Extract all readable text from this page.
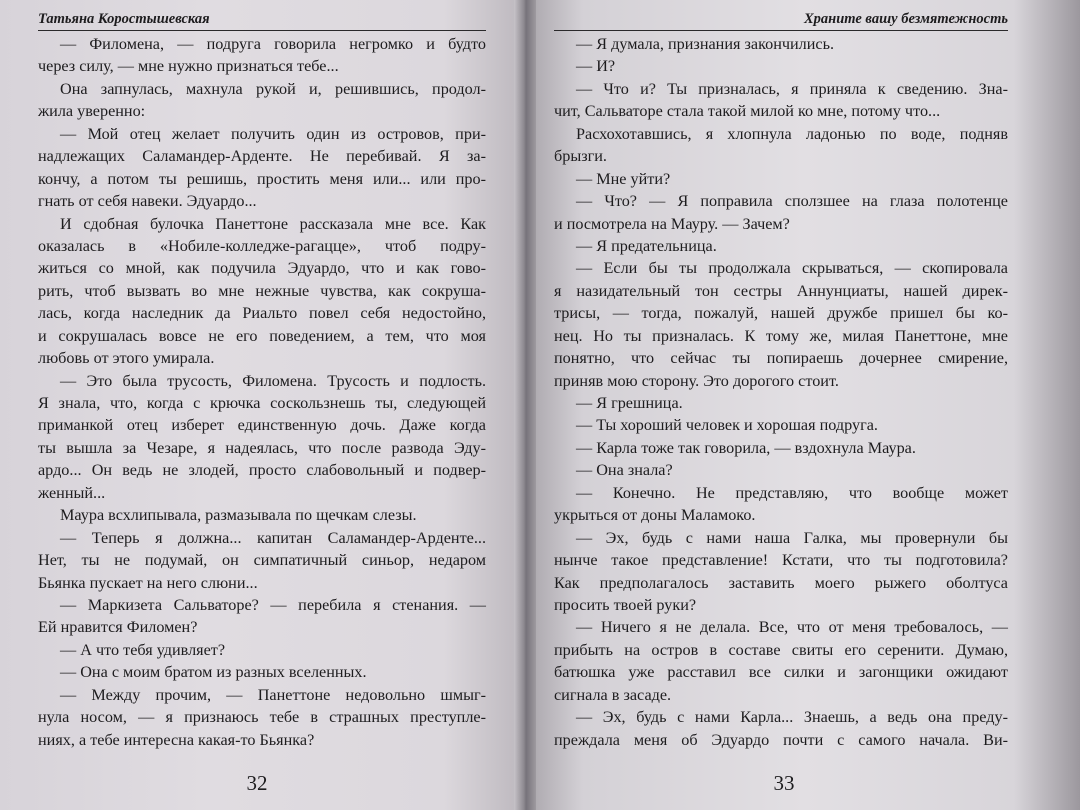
Татьяна Коростышевская
— Филомена, — подруга говорила негромко и будто
через силу, — мне нужно признаться тебе...
Она запнулась, махнула рукой и, решившись, продол-
жила уверенно:
— Мой отец желает получить один из островов, при-
надлежащих Саламандер-Арденте. Не перебивай. Я за-
кончу, а потом ты решишь, простить меня или... или про-
гнать от себя навеки. Эдуардо...
И сдобная булочка Панеттоне рассказала мне все. Как
оказалась в «Нобиле-колледже-рагацце», чтоб подру-
житься со мной, как подучила Эдуардо, что и как гово-
рить, чтоб вызвать во мне нежные чувства, как сокруша-
лась, когда наследник да Риальто повел себя недостойно,
и сокрушалась вовсе не его поведением, а тем, что моя
любовь от этого умирала.
— Это была трусость, Филомена. Трусость и подлость.
Я знала, что, когда с крючка соскользнешь ты, следующей
приманкой отец изберет единственную дочь. Даже когда
ты вышла за Чезаре, я надеялась, что после развода Эду-
ардо... Он ведь не злодей, просто слабовольный и подвер-
женный...
Маура всхлипывала, размазывала по щечкам слезы.
— Теперь я должна... капитан Саламандер-Арденте...
Нет, ты не подумай, он симпатичный синьор, недаром
Бьянка пускает на него слюни...
— Маркизета Сальваторе? — перебила я стенания. —
Ей нравится Филомен?
— А что тебя удивляет?
— Она с моим братом из разных вселенных.
— Между прочим, — Панеттоне недовольно шмыг-
нула носом, — я признаюсь тебе в страшных преступле-
ниях, а тебе интересна какая-то Бьянка?
32
Храните вашу безмятежность
— Я думала, признания закончились.
— И?
— Что и? Ты призналась, я приняла к сведению. Зна-
чит, Сальваторе стала такой милой ко мне, потому что...
Расхохотавшись, я хлопнула ладонью по воде, подняв
брызги.
— Мне уйти?
— Что? — Я поправила сползшее на глаза полотенце
и посмотрела на Мауру. — Зачем?
— Я предательница.
— Если бы ты продолжала скрываться, — скопировала
я назидательный тон сестры Аннунциаты, нашей дирек-
трисы, — тогда, пожалуй, нашей дружбе пришел бы ко-
нец. Но ты призналась. К тому же, милая Панеттоне, мне
понятно, что сейчас ты попираешь дочернее смирение,
приняв мою сторону. Это дорогого стоит.
— Я грешница.
— Ты хороший человек и хорошая подруга.
— Карла тоже так говорила, — вздохнула Маура.
— Она знала?
— Конечно. Не представляю, что вообще может
укрыться от доны Маламоко.
— Эх, будь с нами наша Галка, мы провернули бы
нынче такое представление! Кстати, что ты подготовила?
Как предполагалось заставить моего рыжего оболтуса
просить твоей руки?
— Ничего я не делала. Все, что от меня требовалось, —
прибыть на остров в составе свиты его серенити. Думаю,
батюшка уже расставил все силки и загонщики ожидают
сигнала в засаде.
— Эх, будь с нами Карла... Знаешь, а ведь она преду-
преждала меня об Эдуардо почти с самого начала. Ви-
33
